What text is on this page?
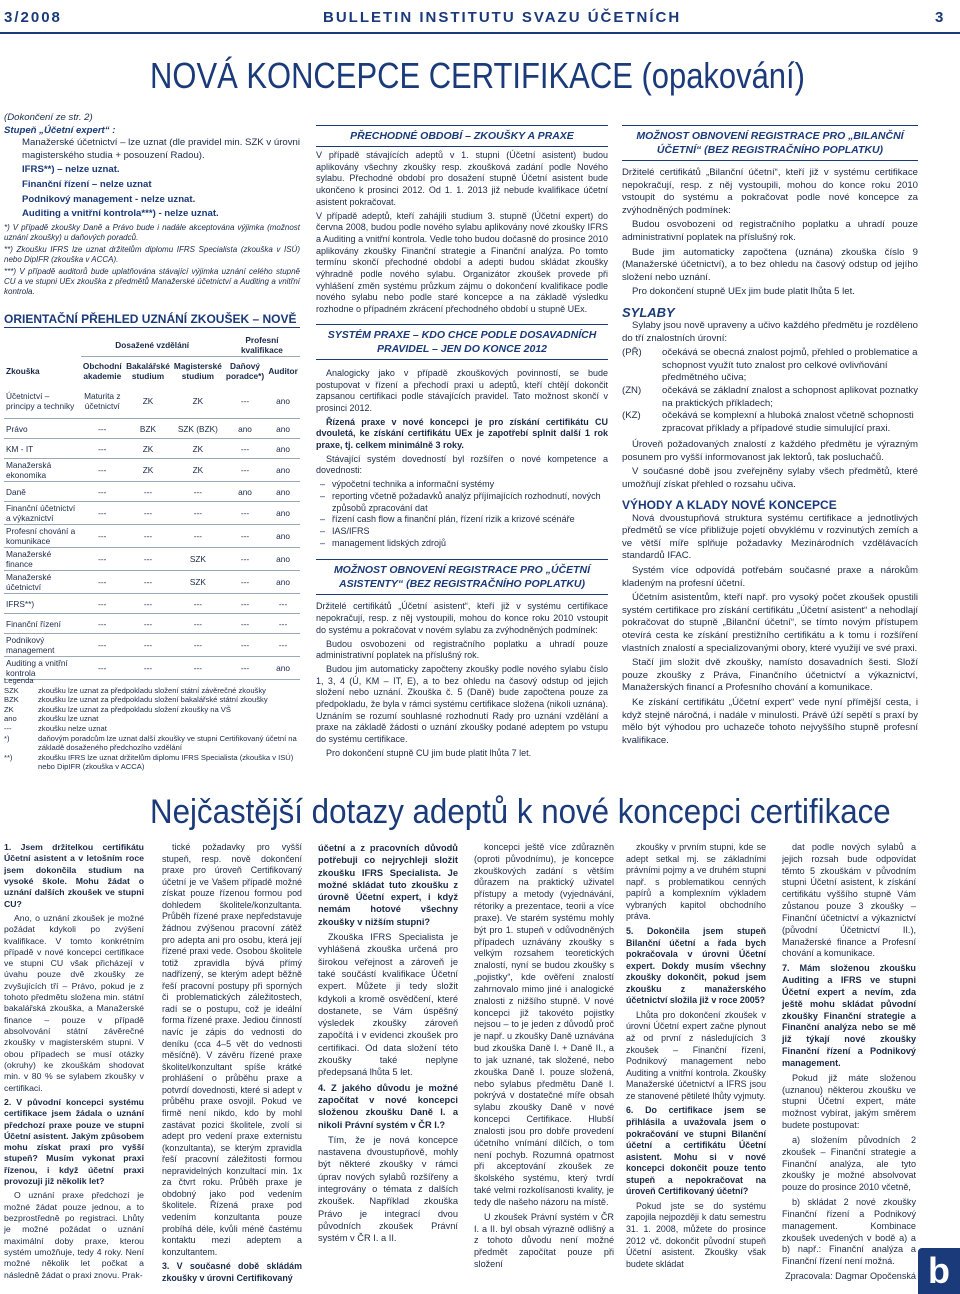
3/2008	BULLETIN INSTITUTU SVAZU ÚČETNÍCH	3
NOVÁ KONCEPCE CERTIFIKACE (opakování)
(Dokončení ze str. 2)
Stupeň „Účetní expert“ :

Manažerské účetnictví – lze uznat (dle pravidel min. SZK v úrovni magisterského studia + posouzení Radou).

IFRS**) – nelze uznat.

Finanční řízení – nelze uznat

Podnikový management - nelze uznat.

Auditing a vnitřní kontrola***) - nelze uznat.

*) V případě zkoušky Daně a Právo bude i nadále akceptována výjimka (možnost uznání zkoušky) u daňových poradců.

**) Zkoušku IFRS lze uznat držitelům diplomu IFRS Specialista (zkouška v ISÚ) nebo DipIFR (zkouška v ACCA).

***) V případě auditorů bude uplatňována stávající výjimka uznání celého stupně CU a ve stupni UEx zkouška z předmětů Manažerské účetnictví a Auditing a vnitřní kontrola.

ORIENTAČNÍ PŘEHLED UZNÁNÍ ZKOUŠEK – NOVĚ
	Dosažené vzdělání			Profesní kvalifikace	
Zkouška	Obchodní akademie	Bakalářské studium	Magisterské studium	Daňový poradce*)	Auditor
Účetnictví – principy a techniky	Maturita z účetnictví	ZK	ZK	---	ano
Právo	---	BZK	SZK (BZK)	ano	ano
KM - IT	---	ZK	ZK	---	ano
Manažerská ekonomika	---	ZK	ZK	---	ano
Daně	---	---	---	ano	ano
Finanční účetnictví a výkaznictví	---	---	---	---	ano
Profesní chování a komunikace	---	---	---	---	ano
Manažerské finance	---	---	SZK	---	ano
Manažerské účetnictví	---	---	SZK	---	ano
IFRS**)	---	---	---	---	---
Finanční řízení	---	---	---	---	---
Podnikový management	---	---	---	---	---
Auditing a vnitřní kontrola	---	---	---	---	ano
Legenda
SZK	zkoušku lze uznat za předpokladu složení státní závěrečné zkoušky
BZK	zkoušku lze uznat za předpokladu složení bakalářské státní zkoušky
ZK	zkoušku lze uznat za předpokladu složení zkoušky na VŠ
ano	zkoušku lze uznat
---	zkoušku nelze uznat
*)	daňovým poradcům lze uznat další zkoušky ve stupni Certifikovaný účetní na základě dosaženého předchozího vzdělání
**)	zkoušku IFRS lze uznat držitelům diplomu IFRS Specialista (zkouška v ISÚ) nebo DipIFR (zkouška v ACCA)
PŘECHODNÉ OBDOBÍ – ZKOUŠKY A PRAXE

V případě stávajících adeptů v 1. stupni (Účetní asistent) budou aplikovány všechny zkoušky resp. zkoušková zadání podle Nového sylabu. Přechodné období pro dosažení stupně Účetní asistent bude ukončeno k prosinci 2012. Od 1. 1. 2013 již nebude kvalifikace účetní asistent pokračovat.

V případě adeptů, kteří zahájili studium 3. stupně (Účetní expert) do června 2008, budou podle nového sylabu aplikovány nové zkoušky IFRS a Auditing a vnitřní kontrola. Vedle toho budou dočasně do prosince 2010 aplikovány zkoušky Finanční strategie a Finanční analýza. Po tomto termínu skončí přechodné období a adepti budou skládat zkoušky výhradně podle nového sylabu. Organizátor zkoušek provede při vyhlášení změn systému průzkum zájmu o dokončení kvalifikace podle nového sylabu nebo podle staré koncepce a na základě výsledku rozhodne o případném zkrácení přechodného období u stupně UEx.

SYSTÉM PRAXE – KDO CHCE PODLE DOSAVADNÍCH PRAVIDEL – JEN DO KONCE 2012

Analogicky jako v případě zkouškových povinností, se bude postupovat v řízení a přechodí praxi u adeptů, kteří chtějí dokončit zapsanou certifikaci podle stávajících pravidel. Tato možnost skončí v prosinci 2012.

Řízená praxe v nové koncepci je pro získání certifikátu CU dvouletá, ke získání certifikátu UEx je zapotřebí splnit další 1 rok praxe, tj. celkem minimálně 3 roky.

Stávající systém dovedností byl rozšířen o nové kompetence a dovednosti:

– výpočetní technika a informační systémy
– reporting včetně požadavků analýz příjímajících rozhodnutí, nových způsobů zpracování dat
– řízení cash flow a finanční plán, řízení rizik a krizové scénáře
– IAS/IFRS
– management lidských zdrojů
MOŽNOST OBNOVENÍ REGISTRACE PRO „ÚČETNÍ ASISTENTY“ (BEZ REGISTRAČNÍHO POPLATKU)

Držitelé certifikátů „Účetní asistent“, kteří již v systému certifikace nepokračují, resp. z něj vystoupili, mohou do konce roku 2010 vstoupit do systému a pokračovat v novém sylabu za zvýhodněných podmínek:

Budou osvobozeni od registračního poplatku a uhradí pouze administrativní poplatek na příslušný rok.

Budou jim automaticky započteny zkoušky podle nového sylabu číslo 1, 3, 4 (Ú, KM – IT, E), a to bez ohledu na časový odstup od jejich složení nebo uznání. Zkouška č. 5 (Daně) bude započtena pouze za předpokladu, že byla v rámci systému certifikace složena (nikoli uznána). Uznáním se rozumí souhlasné rozhodnutí Rady pro uznání vzdělání a praxe na základě žádosti o uznání zkoušky podané adeptem po vstupu do systému certifikace.

Pro dokončení stupně CU jim bude platit lhůta 7 let.

MOŽNOST OBNOVENÍ REGISTRACE PRO „BILANČNÍ ÚČETNÍ“ (BEZ REGISTRAČNÍHO POPLATKU)

Držitelé certifikátů „Bilanční účetní“, kteří již v systému certifikace nepokračují, resp. z něj vystoupili, mohou do konce roku 2010 vstoupit do systému a pokračovat podle nové koncepce za zvýhodněných podmínek:

Budou osvobozeni od registračního poplatku a uhradí pouze administrativní poplatek na příslušný rok.

Bude jim automaticky započtena (uznána) zkouška číslo 9 (Manažerské účetnictví), a to bez ohledu na časový odstup od jejího složení nebo uznání.

Pro dokončení stupně UEx jim bude platit lhůta 5 let.

SYLABY

Sylaby jsou nově upraveny a učivo každého předmětu je rozděleno do tří znalostních úrovní:

(PŘ)	očekává se obecná znalost pojmů, přehled o problematice a schopnost využít tuto znalost pro celkové ovlivňování předmětného učiva;
(ZN)	očekává se základní znalost a schopnost aplikovat poznatky na praktických příkladech;
(KZ)	očekává se komplexní a hluboká znalost včetně schopnosti zpracovat příklady a případové studie simulující praxi.

Úroveň požadovaných znalostí z každého předmětu je výrazným posunem pro vyšší informovanost jak lektorů, tak posluchačů.

V současné době jsou zveřejněny sylaby všech předmětů, které umožňují získat přehled o rozsahu učiva.

VÝHODY A KLADY NOVÉ KONCEPCE

Nová dvoustupňová struktura systému certifikace a jednotlivých předmětů se více přibližuje pojetí obvyklému v rozvinutých zemích a ve větší míře splňuje požadavky Mezinárodních vzdělávacích standardů IFAC.

Systém více odpovídá potřebám současné praxe a nárokům kladeným na profesní účetní.

Účetním asistentům, kteří např. pro vysoký počet zkoušek opustili systém certifikace pro získání certifikátu „Účetní asistent“ a nehodlají pokračovat do stupně „Bilanční účetní“, se tímto novým přístupem otevírá cesta ke získání prestižního certifikátu a k tomu i rozšíření vlastních znalostí a specializovanými obory, které využijí ve své praxi.

Stačí jim složit dvě zkoušky, namísto dosavadních šesti. Složí pouze zkoušky z Práva, Finančního účetnictví a výkaznictví, Manažerských financí a Profesního chování a komunikace.

Ke získání certifikátu „Účetní expert“ vede nyní přímější cesta, i když stejně náročná, i nadále v minulosti. Právě úží sepětí s praxí by mělo být výhodou pro uchazeče tohoto nejvyššího stupně profesní kvalifikace.

Nejčastější dotazy adeptů k nové koncepci certifikace

1. Jsem držitelkou certifikátu Účetní asistent a v letošním roce jsem dokončila studium na vysoké škole. Mohu žádat o uznání dalších zkoušek ve stupni CU?

Ano, o uznání zkoušek je možné požádat kdykoli po zvýšení kvalifikace. V tomto konkrétním případě v nové koncepci certifikace ve stupni CU však přicházejí v úvahu pouze dvě zkoušky ze zvyšujících tří – Právo, pokud je z tohoto předmětu složena min. státní bakalářská zkouška, a Manažerské finance – pouze v případě absolvování státní závěrečné zkoušky v magisterském stupni. V obou případech se musí otázky (okruhy) ke zkouškám shodovat min. v 80 % se sylabem zkoušky v certifikaci.

2. V původní koncepci systému certifikace jsem žádala o uznání předchozí praxe pouze ve stupni Účetní asistent. Jakým způsobem mohu získat praxi pro vyšší stupeň? Musím vykonat praxi řízenou, i když účetní praxi provozuji již několik let?

O uznání praxe předchozí je možné žádat pouze jednou, a to bezprostředně po registraci. Lhůty je možné požádat o uznání maximální doby praxe, kterou systém umožňuje, tedy 4 roky. Není možné několik let počkat a následně žádat o praxi znovu. Prak-

tické požadavky pro vyšší stupeň, resp. nově dokončení praxe pro úroveň Certifikovaný účetní je ve Vašem případě možné získat pouze řízenou formou pod dohledem školitele/konzultanta. Průběh řízené praxe nepředstavuje žádnou zvýšenou pracovní zátěž pro adepta ani pro osobu, která její řízené praxi vede. Osobou školitele totiž zpravidla bývá přímý nadřízený, se kterým adept běžně řeší pracovní postupy při sporných či problematických záležitostech, radí se o postupu, což je ideální forma řízené praxe. Jediou činností navíc je zápis do vednosti do deníku (cca 4–5 vět do vednosti měsíčně). V závěru řízené praxe školitel/konzultant spíše krátké prohlášení o průběhu praxe a potvrdí dovednosti, které si adept v průběhu praxe osvojil. Pokud ve firmě není nikdo, kdo by mohl zastávat pozici školitele, zvolí si adept pro vedení praxe externistu (konzultanta), se kterým zpravidla řeší pracovní záležitosti formou nepravidelných konzultací min. 1x za čtvrt roku. Průběh praxe je obdobný jako pod vedením školitele. Řízená praxe pod vedením konzultanta pouze probíhá déle, kvůli méně častému kontaktu mezi adeptem a konzultantem.

3. V současné době skládám zkoušky v úrovni Certifikovaný

účetní a z pracovních důvodů potřebuji co nejrychleji složit zkoušku IFRS Specialista. Je možné skládat tuto zkoušku z úrovně Účetní expert, i když nemám hotové všechny zkoušky v nižším stupni?

Zkouška IFRS Specialista je vyhlášená zkouška určená pro širokou veřejnost a zároveň je také součástí kvalifikace Účetní expert. Můžete ji tedy složit kdykoli a kromě osvědčení, které dostanete, se Vám úspěšný výsledek zkoušky zároveň započítá i v evidenci zkoušek pro certifikaci. Od data složení této zkoušky také neplyne předepsaná lhůta 5 let.

4. Z jakého důvodu je možné započítat v nové koncepci složenou zkoušku Daně I. a nikoli Právní systém v ČR I.?

Tím, že je nová koncepce nastavena dvoustupňově, mohly být některé zkoušky v rámci úprav nových sylabů rozšířeny a integrovány o témata z dalších zkoušek. Například zkouška Právo je integrací dvou původních zkoušek Právní systém v ČR I. a II.

koncepci ještě více zdůrazněn (oproti původnímu), je koncepce zkouškových zadání s větším důrazem na praktický uživatel přístupy a metody (vyjednávání, rétoriky a prezentace, teorii a více praxe). Ve starém systému mohly být pro 1. stupeň v odůvodněných případech uznávány zkoušky s velkým rozsahem teoretických znalostí, nyní se budou zkoušky s „pojistky“, kde ověření znalostí zahrnovalo mimo jiné i analogické znalosti z nižšího stupně. V nové koncepci již takovéto pojistky nejsou – to je jeden z důvodů proč je např. u zkoušky Daně uznávána bud zkouška Daně I. + Daně II., a to jak uznané, tak složené, nebo zkouška Daně I. pouze složená, nebo sylabus předmětu Daně I. pokrývá v dostatečné míře obsah sylabu zkoušky Daně v nové koncepci Certifikace. Hlubší znalosti jsou pro dobře provedení účetního vnímání dílčích, o tom není pochyb. Rozumná opatrnost při akceptování zkoušek ze školského systému, který tvrdí také velmi rozkolísanosti kvality, je tedy dle našeho názoru na místě.

U zkoušek Právní systém v ČR I. a II. byl obsah výrazně odlišný a z tohoto důvodu není možné předmět započítat pouze při složení

zkoušky v prvním stupni, kde se adept setkal mj. se základními právními pojmy a ve druhém stupni např. s problematikou cenných papírů a komplexním výkladem vybraných kapitol obchodního práva.

5. Dokončila jsem stupeň Bilanční účetní a řada bych pokračovala v úrovni Účetní expert. Dokdy musím všechny zkoušky dokončit, pokud jsem zkoušku z manažerského účetnictví složila již v roce 2005?

Lhůta pro dokončení zkoušek v úrovni Účetní expert začne plynout až od první z následujících 3 zkoušek – Finanční řízení, Podnikový management nebo Auditing a vnitřní kontrola. Zkoušky Manažerské účetnictví a IFRS jsou ze stanovené pětileté lhůty vyjmuty.

6. Do certifikace jsem se přihlásila a uvažovala jsem o pokračování ve stupni Bilanční účetní a certifikátu Účetní asistent. Mohu si v nové koncepci dokončit pouze tento stupeň a nepokračovat na úroveň Certifikovaný účetní?

Pokud jste se do systému zapojila nejpozději k datu semestru 31. 1. 2008, můžete do prosince 2012 vč. dokončit původní stupeň Účetní asistent. Zkoušky však budete skládat

dat podle nových sylabů a jejich rozsah bude odpovídat těmto 5 zkouškám v původním stupni Účetní asistent, k získání certifikátu vyššího stupně Vám zůstanou pouze 3 zkoušky – Finanční účetnictví a výkaznictví (původní Účetnictví II.), Manažerské finance a Profesní chování a komunikace.

7. Mám složenou zkoušku Auditing a IFRS ve stupni Účetní expert a nevím, zda ještě mohu skládat původní zkoušky Finanční strategie a Finanční analýza nebo se mě již týkají nové zkoušky Finanční řízení a Podnikový management.

Pokud již máte složenou (uznanou) některou zkoušku ve stupni Účetní expert, máte možnost vybírat, jakým směrem budete postupovat:

a) složením původních 2 zkoušek – Finanční strategie a Finanční analýza, ale tyto zkoušky je možné absolvovat pouze do prosince 2010 včetně,

b) skládat 2 nové zkoušky Finanční řízení a Podnikový management. Kombinace zkoušek uvedených v bodě a) a b) např.: Finanční analýza a Finanční řízení není možná.

Zpracovala: Dagmar Opočenská b
